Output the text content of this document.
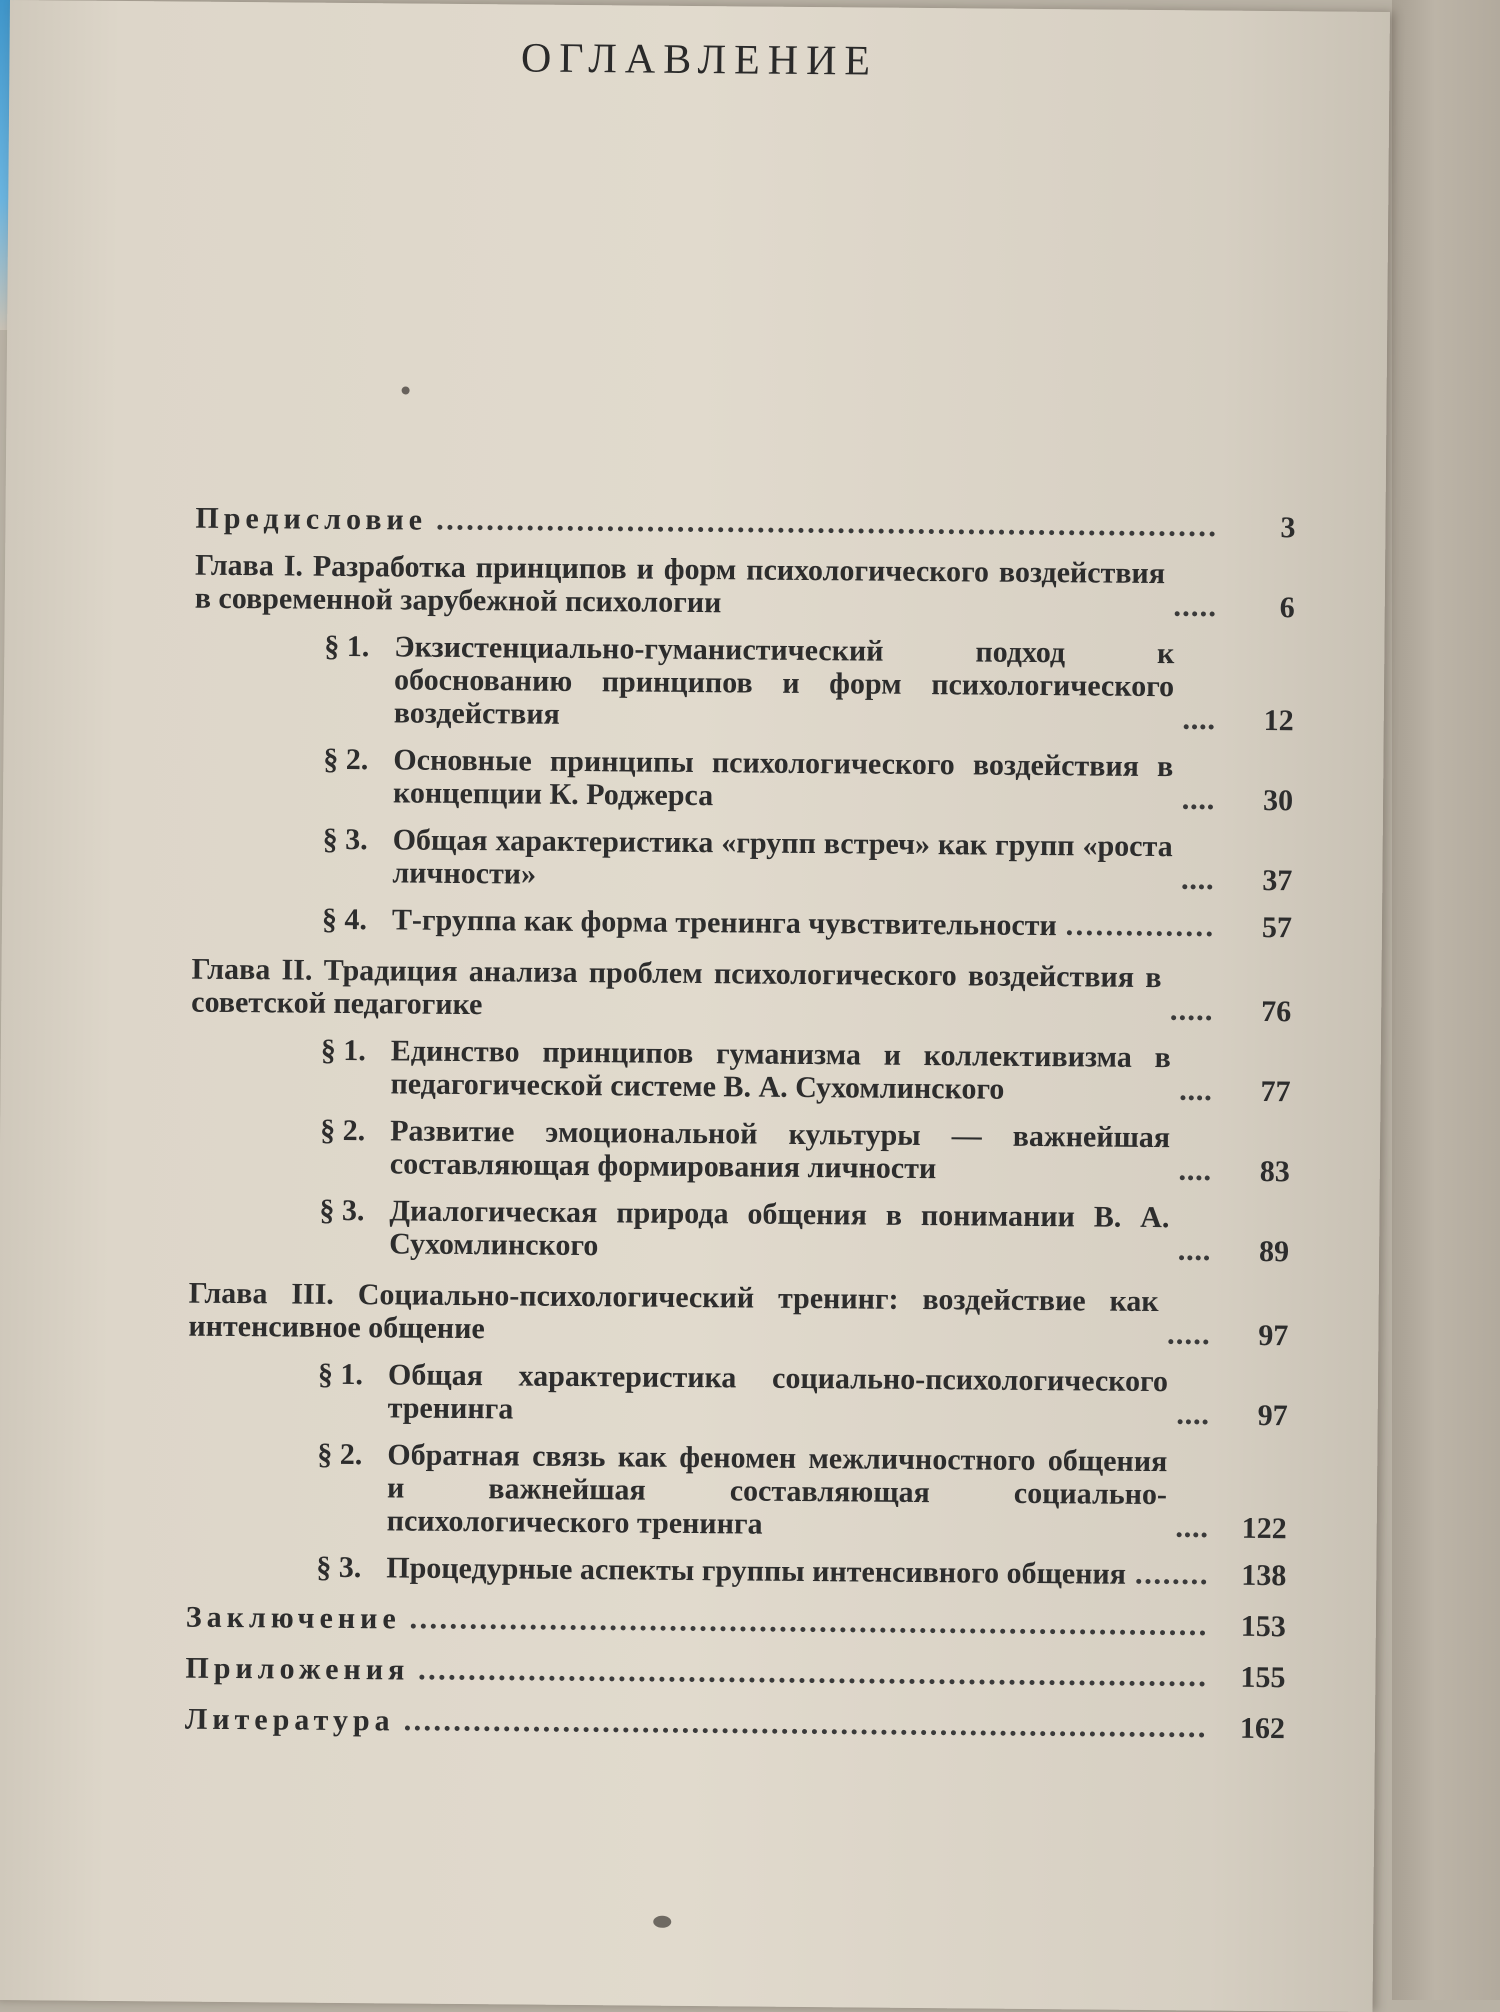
ОГЛАВЛЕНИЕ
Предисловие	3
Глава I. Разработка принципов и форм психологического воздействия в современной зарубежной психологии	6
§ 1. Экзистенциально-гуманистический подход к обоснованию принципов и форм психологического воздействия	12
§ 2. Основные принципы психологического воздействия в концепции К. Роджерса	30
§ 3. Общая характеристика «групп встреч» как групп «роста личности»	37
§ 4. Т-группа как форма тренинга чувствительности	57
Глава II. Традиция анализа проблем психологического воздействия в советской педагогике	76
§ 1. Единство принципов гуманизма и коллективизма в педагогической системе В. А. Сухомлинского	77
§ 2. Развитие эмоциональной культуры — важнейшая составляющая формирования личности	83
§ 3. Диалогическая природа общения в понимании В. А. Сухомлинского	89
Глава III. Социально-психологический тренинг: воздействие как интенсивное общение	97
§ 1. Общая характеристика социально-психологического тренинга	97
§ 2. Обратная связь как феномен межличностного общения и важнейшая составляющая социально-психологического тренинга	122
§ 3. Процедурные аспекты группы интенсивного общения	138
Заключение	153
Приложения	155
Литература	162
